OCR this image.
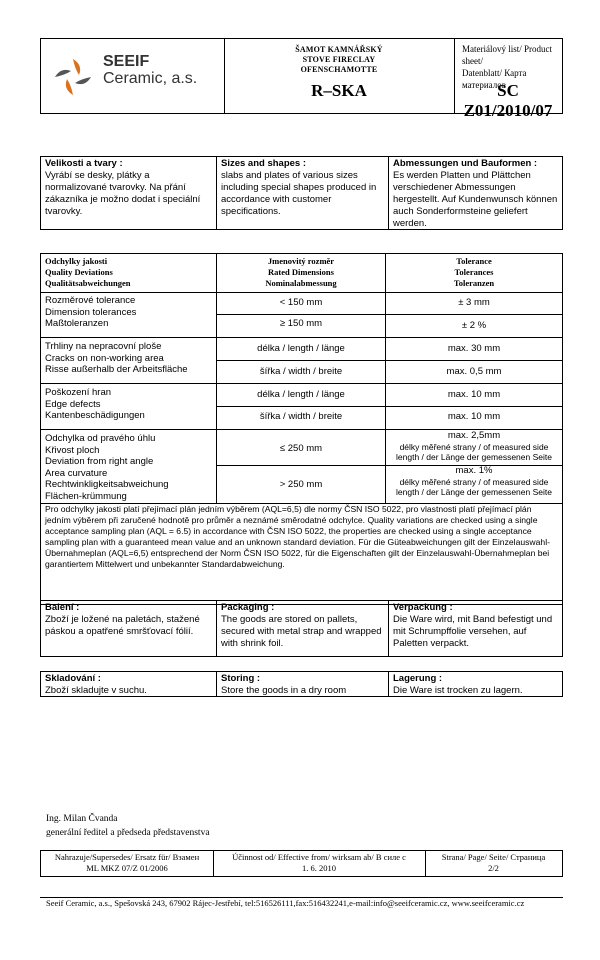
SEEIF
Ceramic, a.s.
ŠAMOT KAMNÁŘSKÝ
STOVE FIRECLAY
OFENSCHAMOTTE
R–SKA
Materiálový list/ Product sheet/
Datenblatt/ Карта материалов
SC Z01/2010/07
Velikosti a tvary :
Vyrábí se desky, plátky a normalizované tvarovky. Na přání zákazníka je možno dodat i speciální tvarovky.
Sizes and shapes :
slabs and plates of various sizes including special shapes produced in accordance with customer specifications.
Abmessungen und Bauformen :
Es werden Platten und Plättchen verschiedener Abmessungen hergestellt. Auf Kundenwunsch können auch Sonderformsteine geliefert werden.
Odchylky jakosti
Quality Deviations
Qualitätsabweichungen
Jmenovitý rozměr
Rated Dimensions
Nominalabmessung
Tolerance
Tolerances
Toleranzen
Rozměrové tolerance
Dimension tolerances
Maßtoleranzen
< 150 mm	± 3 mm
≥ 150 mm	± 2 %
Trhliny na nepracovní ploše
Cracks on non-working area
Risse außerhalb der Arbeitsfläche
délka / length / länge	max. 30 mm
šířka / width / breite	max. 0,5 mm
Poškození hran
Edge defects
Kantenbeschädigungen
délka / length / länge	max. 10 mm
šířka / width / breite	max. 10 mm
Odchylka od pravého úhlu
Křivost ploch
Deviation from right angle
Area curvature
Rechtwinkligkeitsabweichung
Flächen-krümmung
≤ 250 mm
max. 2,5mm
délky měřené strany / of measured side
length / der Länge der gemessenen Seite
> 250 mm
max. 1%
délky měřené strany / of measured side
length / der Länge der gemessenen Seite
Pro odchylky jakosti platí přejímací plán jedním výběrem (AQL=6,5) dle normy ČSN ISO 5022, pro vlastnosti platí přejímací plán jedním výběrem při zaručené hodnotě pro průměr a neznámé směrodatné odchylce. Quality variations are checked using a single acceptance sampling plan (AQL = 6.5) in accordance with ČSN ISO 5022, the properties are checked using a single acceptance sampling plan with a guaranteed mean value and an unknown standard deviation. Für die Güteabweichungen gilt der Einzelauswahl-Übernahmeplan (AQL=6,5) entsprechend der Norm ČSN ISO 5022, für die Eigenschaften gilt der Einzelauswahl-Übernahmeplan bei garantiertem Mittelwert und unbekannter Standardabweichung.
Balení :
Zboží je ložené na paletách, stažené páskou a opatřené smršťovací fólií.
Packaging :
The goods are stored on pallets, secured with metal strap and wrapped with shrink foil.
Verpackung :
Die Ware wird, mit Band befestigt und mit Schrumpffolie versehen, auf Paletten verpackt.
Skladování :
Zboží skladujte v suchu.
Storing :
Store the goods in a dry room
Lagerung :
Die Ware ist trocken zu lagern.
Ing. Milan Čvanda
generální ředitel a předseda představenstva
Nahrazuje/Supersedes/ Ersatz für/ Взамен
ML MKZ 07/Z 01/2006
Účinnost od/ Effective from/ wirksam ab/ В силе с
1. 6. 2010
Strana/ Page/ Seite/ Страница
2/2
Seeif Ceramic, a.s., Spešovská 243, 67902 Rájec-Jestřebí, tel:516526111,fax:516432241,e-mail:info@seeifceramic.cz, www.seeifceramic.cz
